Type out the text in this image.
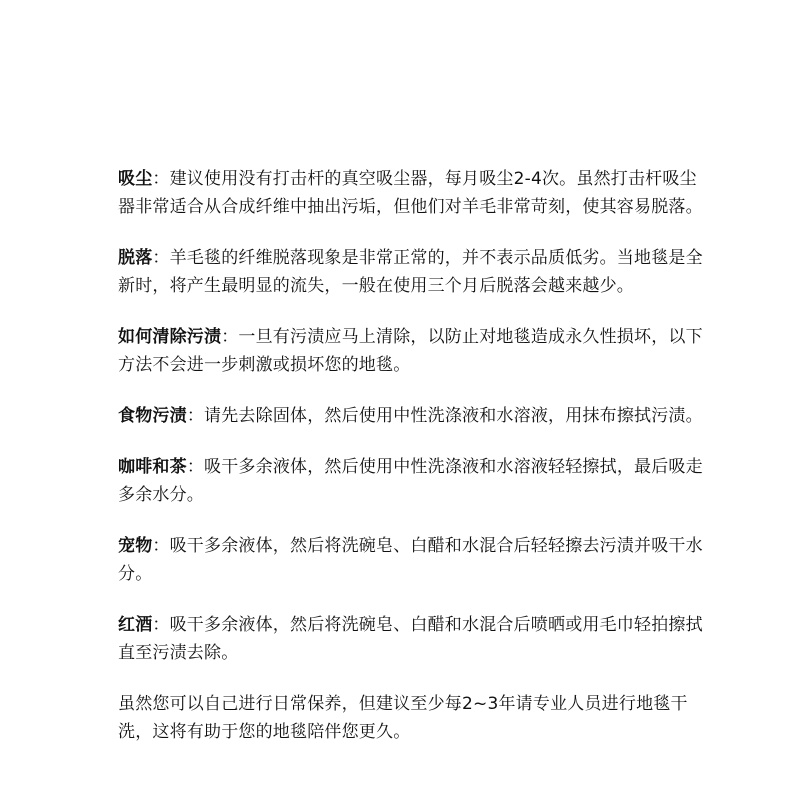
吸尘：建议使用没有打击杆的真空吸尘器，每月吸尘2-4次。虽然打击杆吸尘器非常适合从合成纤维中抽出污垢，但他们对羊毛非常苛刻，使其容易脱落。

脱落：羊毛毯的纤维脱落现象是非常正常的，并不表示品质低劣。当地毯是全新时，将产生最明显的流失，一般在使用三个月后脱落会越来越少。

如何清除污渍：一旦有污渍应马上清除，以防止对地毯造成永久性损坏，以下方法不会进一步刺激或损坏您的地毯。

食物污渍：请先去除固体，然后使用中性洗涤液和水溶液，用抹布擦拭污渍。

咖啡和茶：吸干多余液体，然后使用中性洗涤液和水溶液轻轻擦拭，最后吸走多余水分。

宠物：吸干多余液体，然后将洗碗皂、白醋和水混合后轻轻擦去污渍并吸干水分。

红酒：吸干多余液体，然后将洗碗皂、白醋和水混合后喷晒或用毛巾轻拍擦拭直至污渍去除。

虽然您可以自己进行日常保养，但建议至少每2~3年请专业人员进行地毯干洗，这将有助于您的地毯陪伴您更久。
